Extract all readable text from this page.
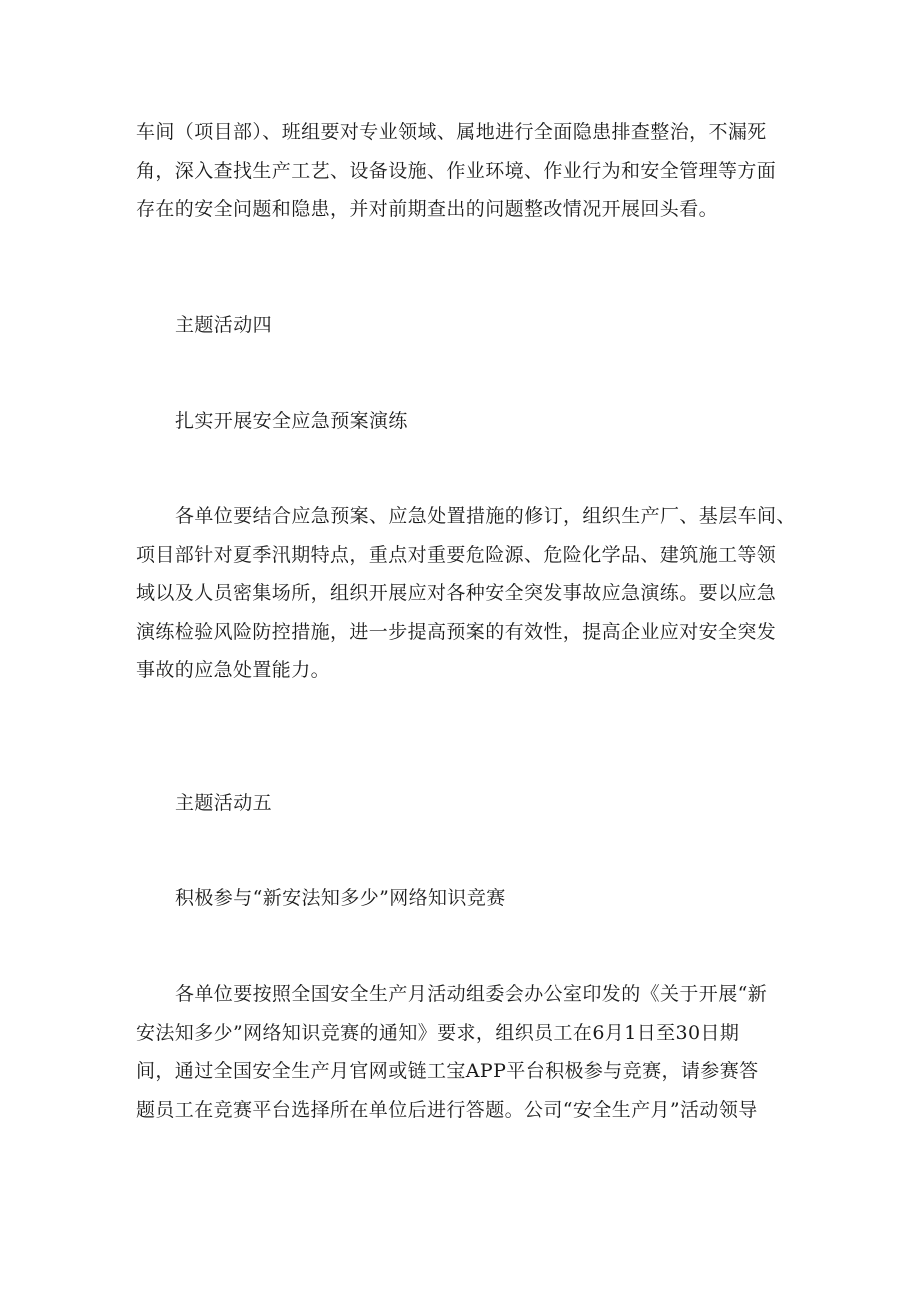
车间（项目部）、班组要对专业领域、属地进行全面隐患排查整治，不漏死
角，深入查找生产工艺、设备设施、作业环境、作业行为和安全管理等方面
存在的安全问题和隐患，并对前期查出的问题整改情况开展回头看。

主题活动四

扎实开展安全应急预案演练

各单位要结合应急预案、应急处置措施的修订，组织生产厂、基层车间、
项目部针对夏季汛期特点，重点对重要危险源、危险化学品、建筑施工等领
域以及人员密集场所，组织开展应对各种安全突发事故应急演练。要以应急
演练检验风险防控措施，进一步提高预案的有效性，提高企业应对安全突发
事故的应急处置能力。

主题活动五

积极参与“新安法知多少”网络知识竞赛

各单位要按照全国安全生产月活动组委会办公室印发的《关于开展“新
安法知多少”网络知识竞赛的通知》要求，组织员工在6月1日至30日期
间，通过全国安全生产月官网或链工宝APP平台积极参与竞赛，请参赛答
题员工在竞赛平台选择所在单位后进行答题。公司“安全生产月”活动领导
